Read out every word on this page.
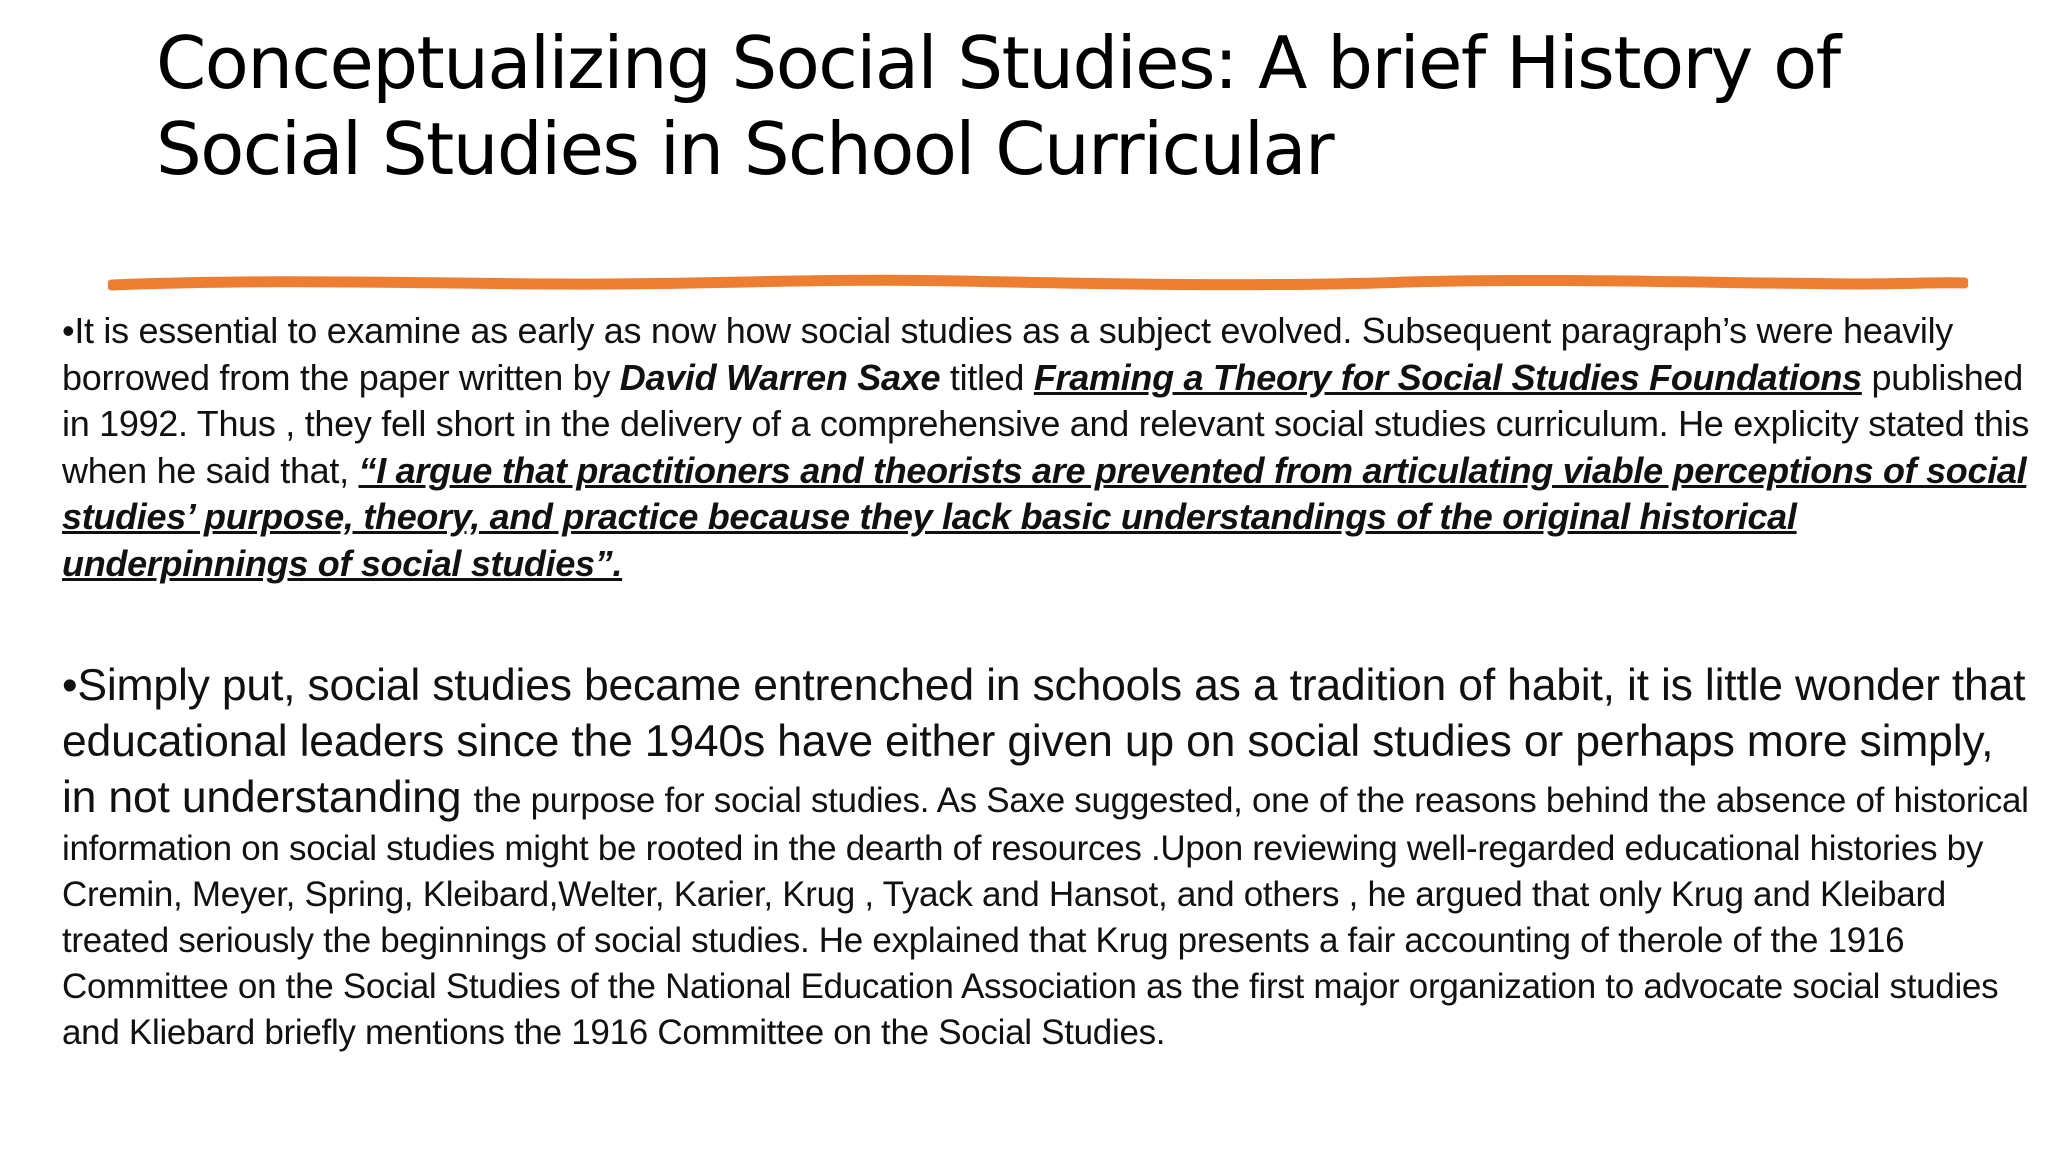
Conceptualizing Social Studies: A brief History of
Social Studies in School Curricular

•It is essential to examine as early as now how social studies as a subject evolved. Subsequent paragraph’s were heavily borrowed from the paper written by David Warren Saxe titled Framing a Theory for Social Studies Foundations published in 1992. Thus , they fell short in the delivery of a comprehensive and relevant social studies curriculum. He explicity stated this when he said that, “I argue that practitioners and theorists are prevented from articulating viable perceptions of social studies’ purpose, theory, and practice because they lack basic understandings of the original historical underpinnings of social studies”.

•Simply put, social studies became entrenched in schools as a tradition of habit, it is little wonder that educational leaders since the 1940s have either given up on social studies or perhaps more simply, in not understanding the purpose for social studies. As Saxe suggested, one of the reasons behind the absence of historical information on social studies might be rooted in the dearth of resources .Upon reviewing well-regarded educational histories by Cremin, Meyer, Spring, Kleibard,Welter, Karier, Krug , Tyack and Hansot, and others , he argued that only Krug and Kleibard treated seriously the beginnings of social studies. He explained that Krug presents a fair accounting of therole of the 1916 Committee on the Social Studies of the National Education Association as the first major organization to advocate social studies and Kliebard briefly mentions the 1916 Committee on the Social Studies.
